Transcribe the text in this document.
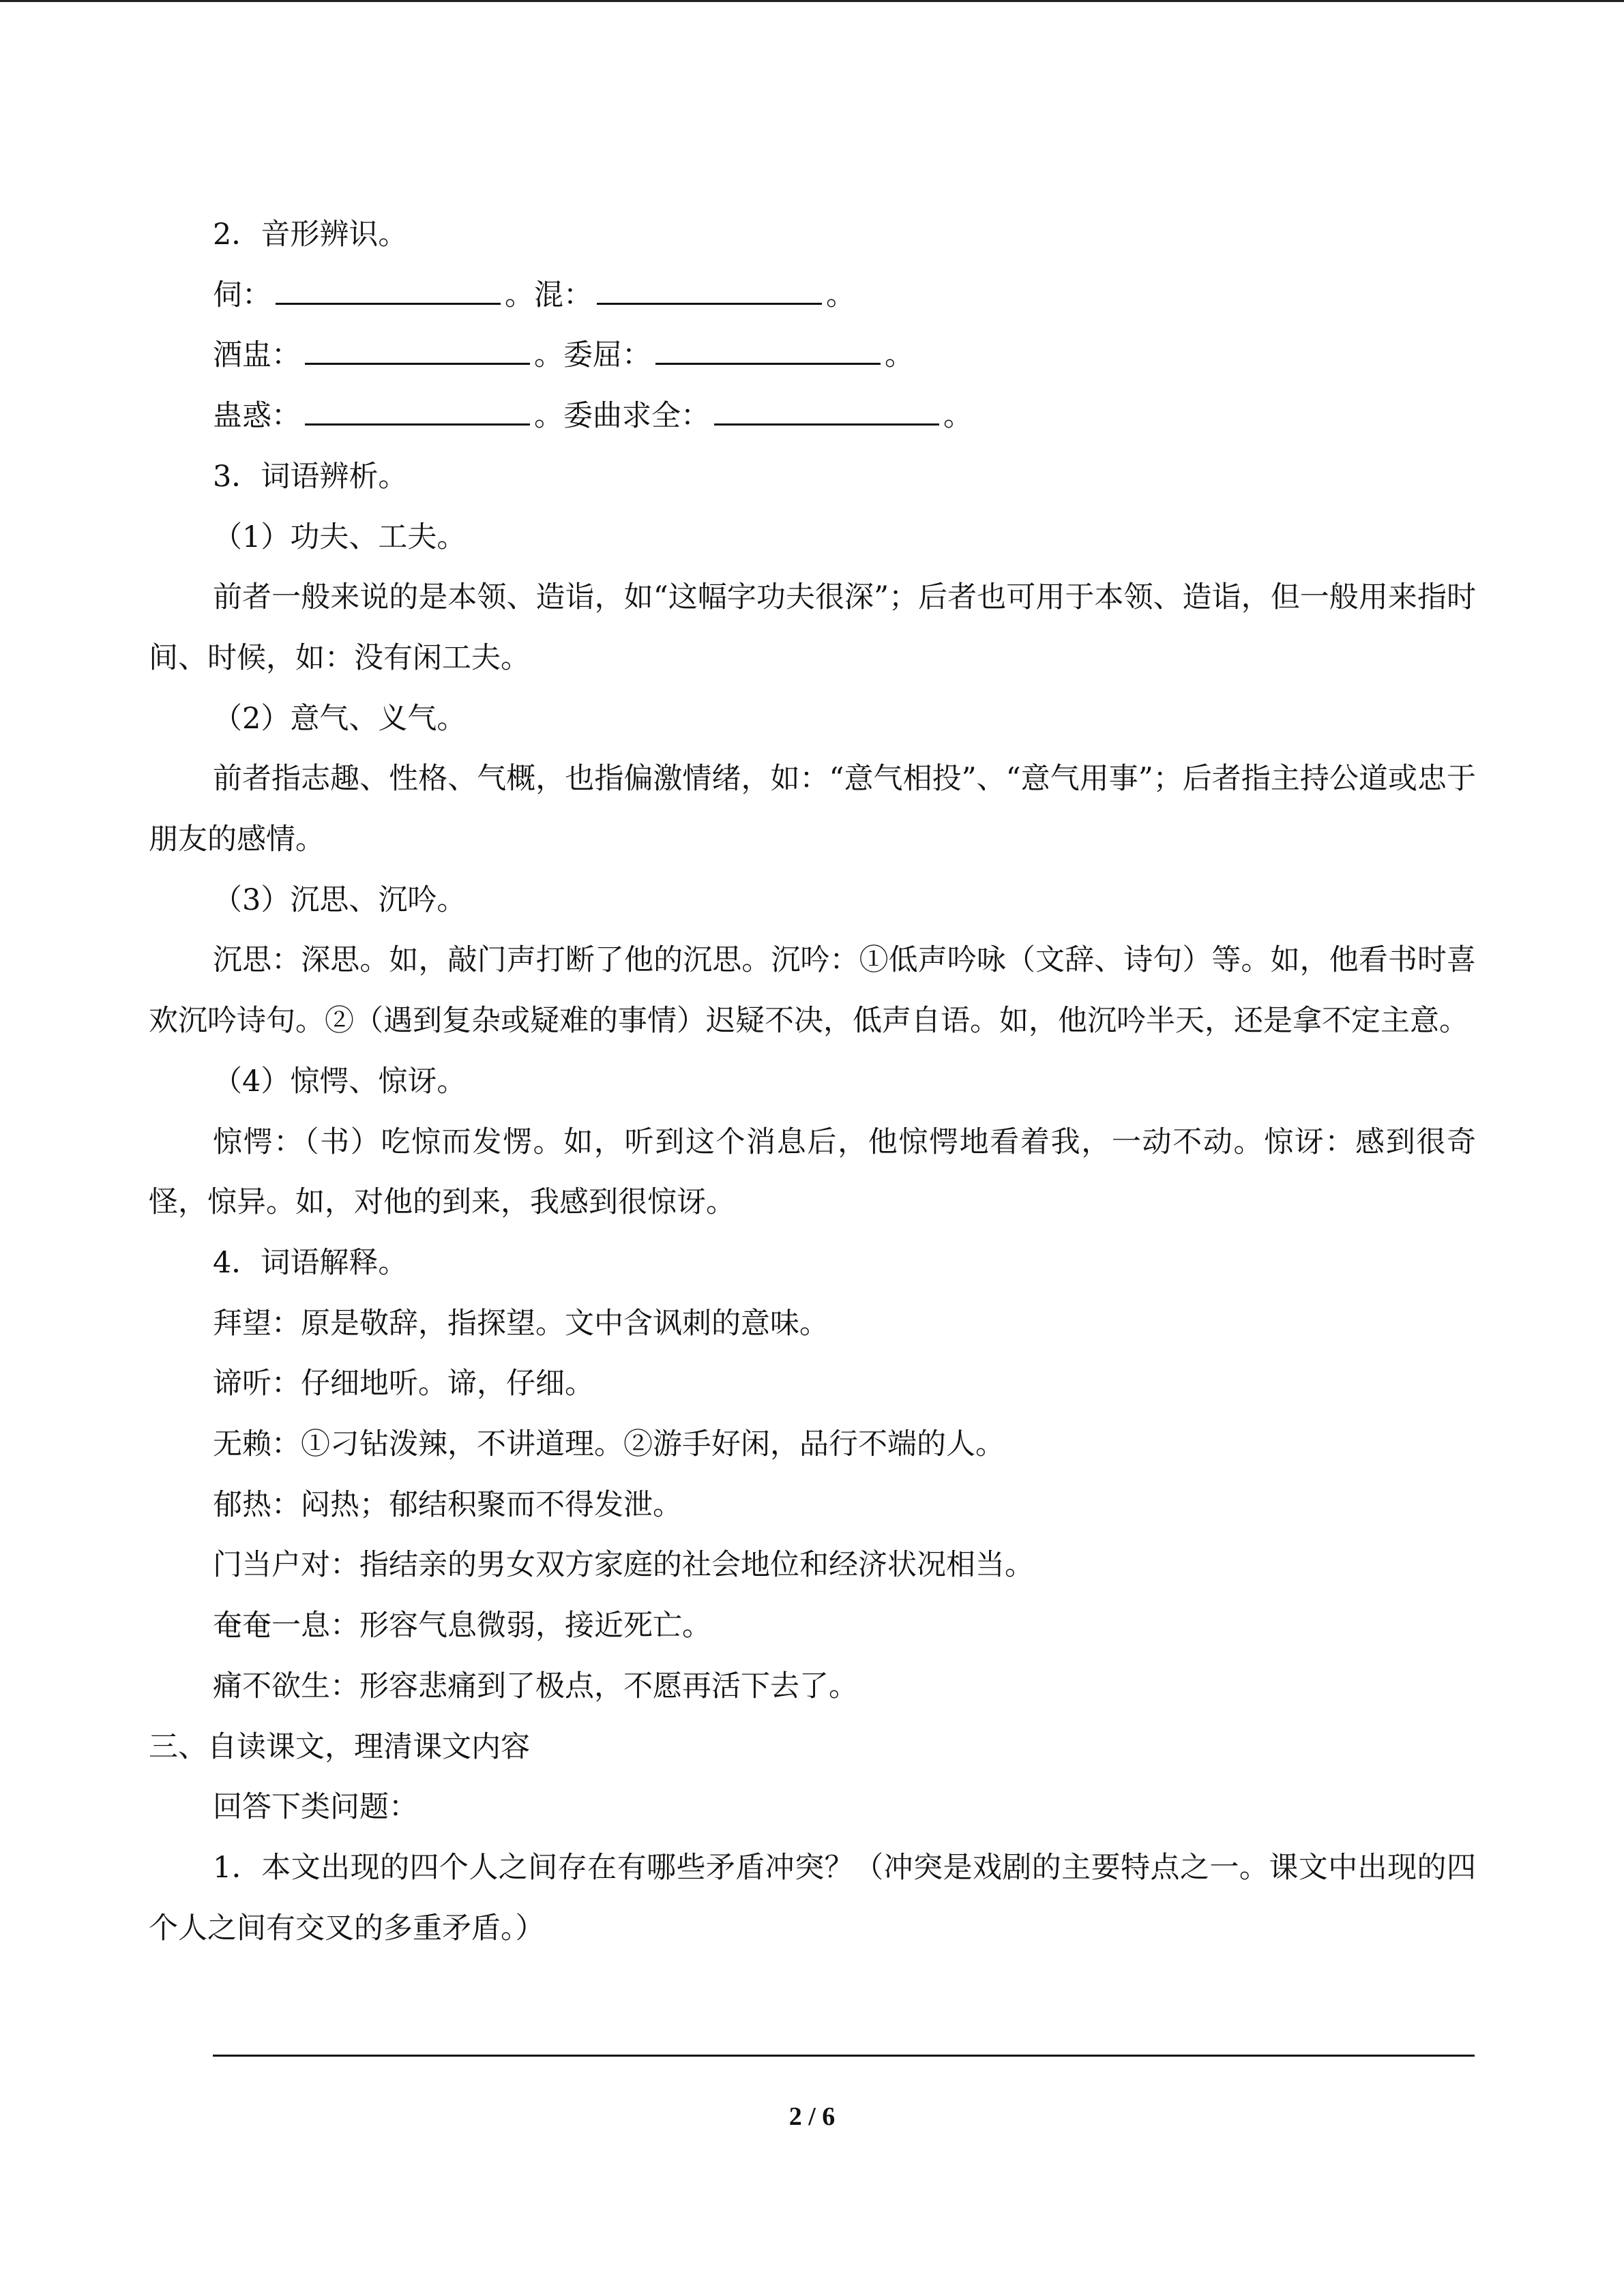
2．音形辨识。

伺：	。混：	。

酒盅：	。委屈：	。

蛊惑：	。委曲求全：	。

3．词语辨析。

（1）功夫、工夫。

前者一般来说的是本领、造诣，如“这幅字功夫很深”；后者也可用于本领、造诣，但一般用来指时间、时候，如：没有闲工夫。

（2）意气、义气。

前者指志趣、性格、气概，也指偏激情绪，如：“意气相投”、“意气用事”；后者指主持公道或忠于朋友的感情。

（3）沉思、沉吟。

沉思：深思。如，敲门声打断了他的沉思。沉吟：①低声吟咏（文辞、诗句）等。如，他看书时喜欢沉吟诗句。②（遇到复杂或疑难的事情）迟疑不决，低声自语。如，他沉吟半天，还是拿不定主意。

（4）惊愕、惊讶。

惊愕：（书）吃惊而发愣。如，听到这个消息后，他惊愕地看着我，一动不动。惊讶：感到很奇怪，惊异。如，对他的到来，我感到很惊讶。

4．词语解释。

拜望：原是敬辞，指探望。文中含讽刺的意味。

谛听：仔细地听。谛，仔细。

无赖：①刁钻泼辣，不讲道理。②游手好闲，品行不端的人。

郁热：闷热；郁结积聚而不得发泄。

门当户对：指结亲的男女双方家庭的社会地位和经济状况相当。

奄奄一息：形容气息微弱，接近死亡。

痛不欲生：形容悲痛到了极点，不愿再活下去了。

三、自读课文，理清课文内容

回答下类问题：

1．本文出现的四个人之间存在有哪些矛盾冲突？（冲突是戏剧的主要特点之一。课文中出现的四个人之间有交叉的多重矛盾。）

2 / 6
